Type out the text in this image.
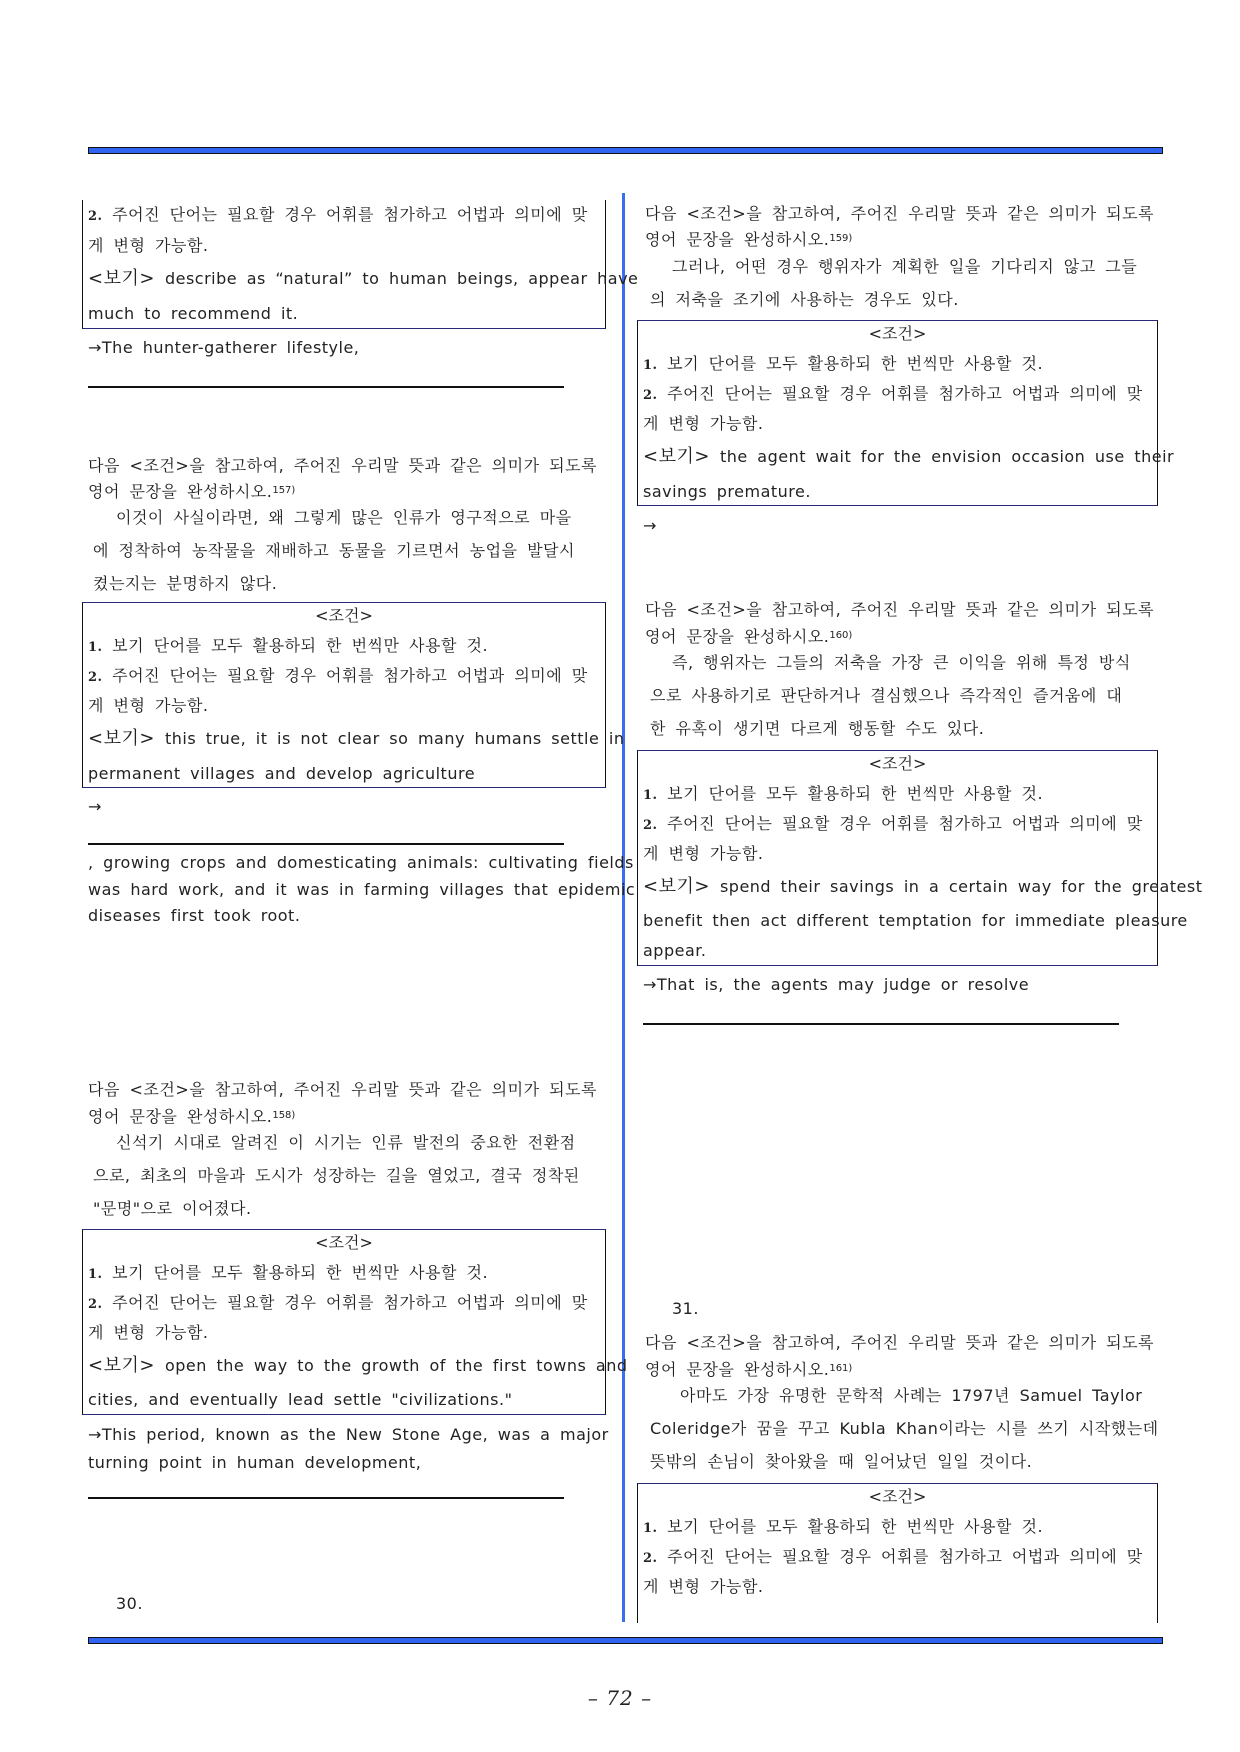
– 72 –
2. 주어진 단어는 필요할 경우 어휘를 첨가하고 어법과 의미에 맞
게 변형 가능함.
<보기> describe as “natural” to human beings, appear have
much to recommend it.
→The hunter-gatherer lifestyle,
다음 <조건>을 참고하여, 주어진 우리말 뜻과 같은 의미가 되도록
영어 문장을 완성하시오.$^{157)}$
이것이 사실이라면, 왜 그렇게 많은 인류가 영구적으로 마을
에 정착하여 농작물을 재배하고 동물을 기르면서 농업을 발달시
켰는지는 분명하지 않다.
<조건>
1. 보기 단어를 모두 활용하되 한 번씩만 사용할 것.
2. 주어진 단어는 필요할 경우 어휘를 첨가하고 어법과 의미에 맞
게 변형 가능함.
<보기> this true, it is not clear so many humans settle in
permanent villages and develop agriculture
→
, growing crops and domesticating animals: cultivating fields
was hard work, and it was in farming villages that epidemic
diseases first took root.
다음 <조건>을 참고하여, 주어진 우리말 뜻과 같은 의미가 되도록
영어 문장을 완성하시오.$^{158)}$
신석기 시대로 알려진 이 시기는 인류 발전의 중요한 전환점
으로, 최초의 마을과 도시가 성장하는 길을 열었고, 결국 정착된
"문명"으로 이어졌다.
<조건>
1. 보기 단어를 모두 활용하되 한 번씩만 사용할 것.
2. 주어진 단어는 필요할 경우 어휘를 첨가하고 어법과 의미에 맞
게 변형 가능함.
<보기> open the way to the growth of the first towns and
cities, and eventually lead settle "civilizations."
→This period, known as the New Stone Age, was a major
turning point in human development,
30.
다음 <조건>을 참고하여, 주어진 우리말 뜻과 같은 의미가 되도록
영어 문장을 완성하시오.$^{159)}$
그러나, 어떤 경우 행위자가 계획한 일을 기다리지 않고 그들
의 저축을 조기에 사용하는 경우도 있다.
<조건>
1. 보기 단어를 모두 활용하되 한 번씩만 사용할 것.
2. 주어진 단어는 필요할 경우 어휘를 첨가하고 어법과 의미에 맞
게 변형 가능함.
<보기> the agent wait for the envision occasion use their
savings premature.
→
다음 <조건>을 참고하여, 주어진 우리말 뜻과 같은 의미가 되도록
영어 문장을 완성하시오.$^{160)}$
즉, 행위자는 그들의 저축을 가장 큰 이익을 위해 특정 방식
으로 사용하기로 판단하거나 결심했으나 즉각적인 즐거움에 대
한 유혹이 생기면 다르게 행동할 수도 있다.
<조건>
1. 보기 단어를 모두 활용하되 한 번씩만 사용할 것.
2. 주어진 단어는 필요할 경우 어휘를 첨가하고 어법과 의미에 맞
게 변형 가능함.
<보기> spend their savings in a certain way for the greatest
benefit then act different temptation for immediate pleasure
appear.
→That is, the agents may judge or resolve
31.
다음 <조건>을 참고하여, 주어진 우리말 뜻과 같은 의미가 되도록
영어 문장을 완성하시오.$^{161)}$
아마도 가장 유명한 문학적 사례는 1797년 Samuel Taylor
Coleridge가 꿈을 꾸고 Kubla Khan이라는 시를 쓰기 시작했는데
뜻밖의 손님이 찾아왔을 때 일어났던 일일 것이다.
<조건>
1. 보기 단어를 모두 활용하되 한 번씩만 사용할 것.
2. 주어진 단어는 필요할 경우 어휘를 첨가하고 어법과 의미에 맞
게 변형 가능함.
